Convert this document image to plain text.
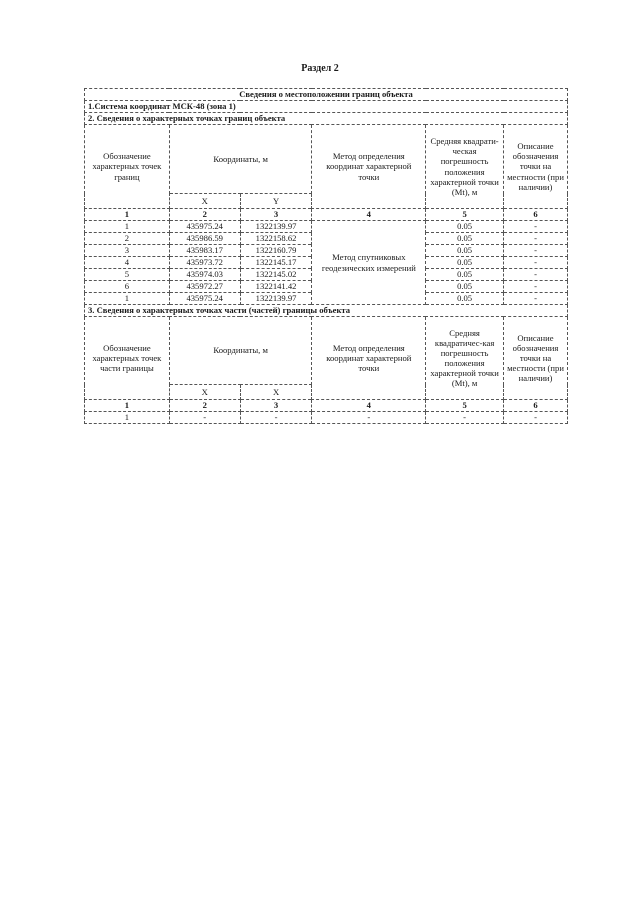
Раздел 2
Сведения о местоположении границ объекта					
1.Система координат МСК-48 (зона 1)					
2. Сведения о характерных точках границ объекта					
Обозначение характерных точек границ	Координаты, м		Метод определения координат характерной точки	Средняя квадрати-ческая погрешность положения характерной точки (Mt), м	Описание обозначения точки на местности (при наличии)
	X	Y			
1	2	3	4	5	6
1	435975.24	1322139.97	Метод спутниковых геодезических измерений	0.05	-
2	435986.59	1322158.62		0.05	-
3	435983.17	1322160.79		0.05	-
4	435973.72	1322145.17		0.05	-
5	435974.03	1322145.02		0.05	-
6	435972.27	1322141.42		0.05	-
1	435975.24	1322139.97		0.05	-
3. Сведения о характерных точках части (частей) границы объекта					
Обозначение характерных точек части границы	Координаты, м		Метод определения координат характерной точки	Средняя квадратичес-кая погрешность положения характерной точки (Mt), м	Описание обозначения точки на местности (при наличии)
	X	X			
1	2	3	4	5	6
1	-	-	-	-	-
